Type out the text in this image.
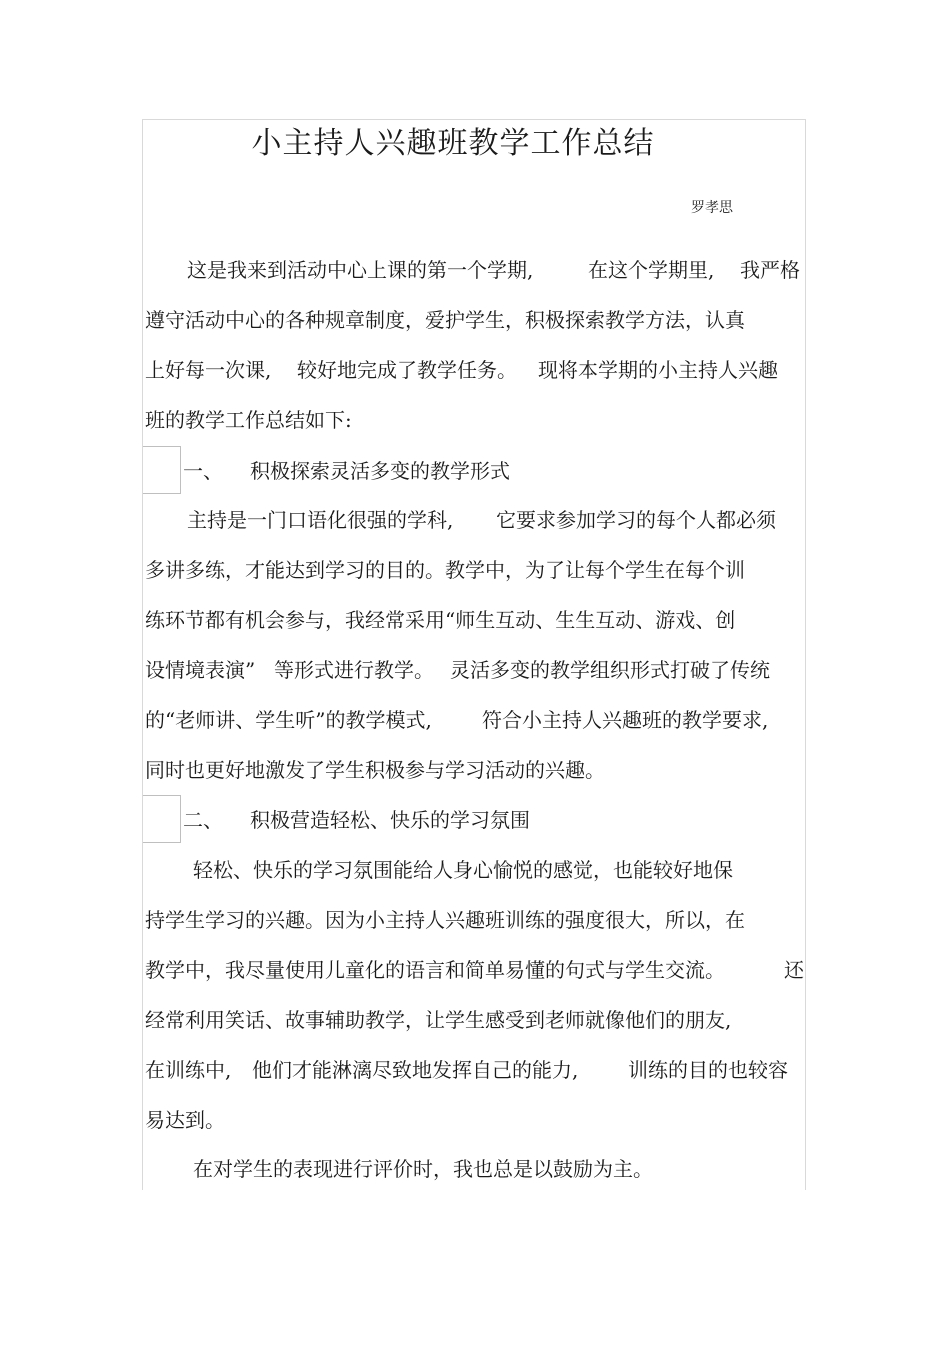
小主持人兴趣班教学工作总结
罗孝思
这是我来到活动中心上课的第一个学期,	在这个学期里, 我严格
遵守活动中心的各种规章制度，爱护学生，积极探索教学方法，认真
上好每一次课, 较好地完成了教学任务。 现将本学期的小主持人兴趣
班的教学工作总结如下:
一、 积极探索灵活多变的教学形式
主持是一门口语化很强的学科, 它要求参加学习的每个人都必须
多讲多练，才能达到学习的目的。教学中，为了让每个学生在每个训
练环节都有机会参与，我经常采用“师生互动、生生互动、游戏、创
设情境表演” 等形式进行教学。 灵活多变的教学组织形式打破了传统
的“老师讲、学生听”的教学模式,	符合小主持人兴趣班的教学要求,
同时也更好地激发了学生积极参与学习活动的兴趣。
二、 积极营造轻松、快乐的学习氛围
轻松、快乐的学习氛围能给人身心愉悦的感觉，也能较好地保
持学生学习的兴趣。因为小主持人兴趣班训练的强度很大，所以，在
教学中，我尽量使用儿童化的语言和简单易懂的句式与学生交流。	还
经常利用笑话、故事辅助教学，让学生感受到老师就像他们的朋友,
在训练中, 他们才能淋漓尽致地发挥自己的能力, 训练的目的也较容
易达到。
在对学生的表现进行评价时，我也总是以鼓励为主。
